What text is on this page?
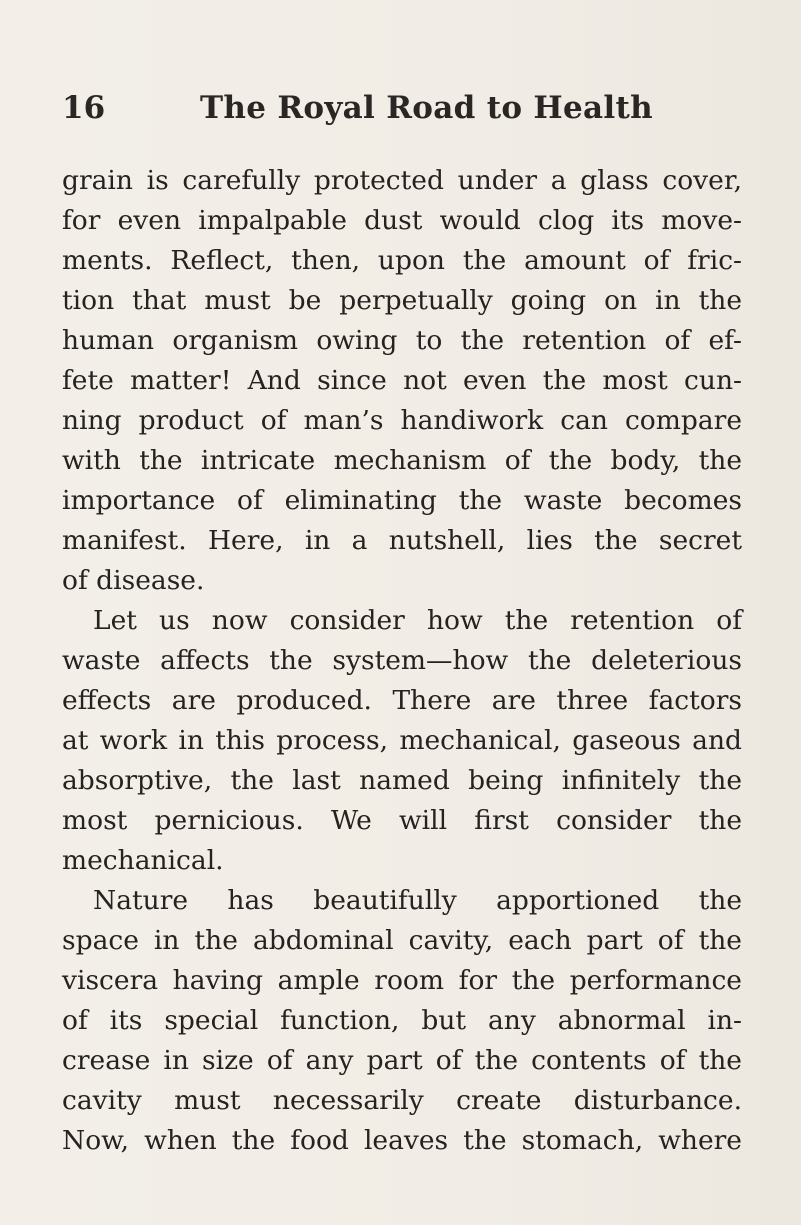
16	The Royal Road to Health
grain is carefully protected under a glass cover,
for even impalpable dust would clog its move-
ments. Reflect, then, upon the amount of fric-
tion that must be perpetually going on in the
human organism owing to the retention of ef-
fete matter! And since not even the most cun-
ning product of man’s handiwork can compare
with the intricate mechanism of the body, the
importance of eliminating the waste becomes
manifest. Here, in a nutshell, lies the secret
of disease.
Let us now consider how the retention of
waste affects the system—how the deleterious
effects are produced. There are three factors
at work in this process, mechanical, gaseous and
absorptive, the last named being infinitely the
most pernicious. We will first consider the
mechanical.
Nature has beautifully apportioned the
space in the abdominal cavity, each part of the
viscera having ample room for the performance
of its special function, but any abnormal in-
crease in size of any part of the contents of the
cavity must necessarily create disturbance.
Now, when the food leaves the stomach, where
